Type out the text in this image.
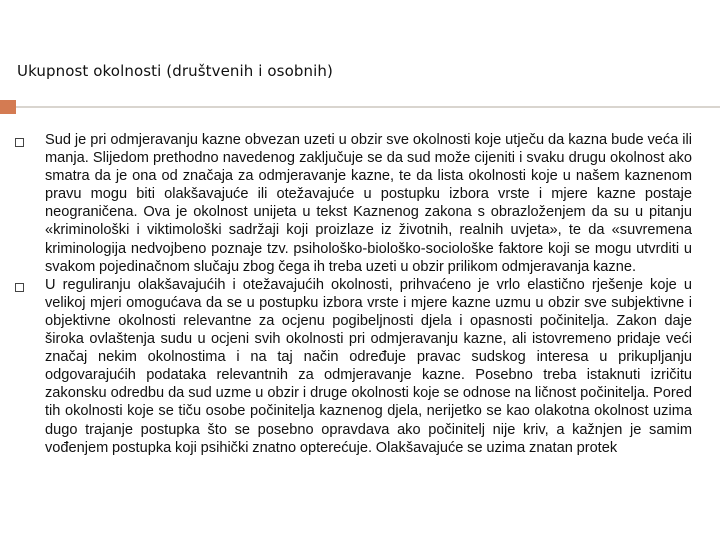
Ukupnost okolnosti (društvenih i osobnih)

Sud je pri odmjeravanju kazne obvezan uzeti u obzir sve okolnosti koje utječu da kazna bude veća ili manja. Slijedom prethodno navedenog zaključuje se da sud može cijeniti i svaku drugu okolnost ako smatra da je ona od značaja za odmjeravanje kazne, te da lista okolnosti koje u našem kaznenom pravu mogu biti olakšavajuće ili otežavajuće u postupku izbora vrste i mjere kazne postaje neograničena. Ova je okolnost unijeta u tekst Kaznenog zakona s obrazloženjem da su u pitanju «kriminološki i viktimološki sadržaji koji proizlaze iz životnih, realnih uvjeta», te da «suvremena kriminologija nedvojbeno poznaje tzv. psihološko-biološko-sociološke faktore koji se mogu utvrditi u svakom pojedinačnom slučaju zbog čega ih treba uzeti u obzir prilikom odmjeravanja kazne.

U reguliranju olakšavajućih i otežavajućih okolnosti, prihvaćeno je vrlo elastično rješenje koje u velikoj mjeri omogućava da se u postupku izbora vrste i mjere kazne uzmu u obzir sve subjektivne i objektivne okolnosti relevantne za ocjenu pogibeljnosti djela i opasnosti počinitelja. Zakon daje široka ovlaštenja sudu u ocjeni svih okolnosti pri odmjeravanju kazne, ali istovremeno pridaje veći značaj nekim okolnostima i na taj način određuje pravac sudskog interesa u prikupljanju odgovarajućih podataka relevantnih za odmjeravanje kazne. Posebno treba istaknuti izričitu zakonsku odredbu da sud uzme u obzir i druge okolnosti koje se odnose na ličnost počinitelja. Pored tih okolnosti koje se tiču osobe počinitelja kaznenog djela, nerijetko se kao olakotna okolnost uzima dugo trajanje postupka što se posebno opravdava ako počinitelj nije kriv, a kažnjen je samim vođenjem postupka koji psihički znatno opterećuje. Olakšavajuće se uzima znatan protek
